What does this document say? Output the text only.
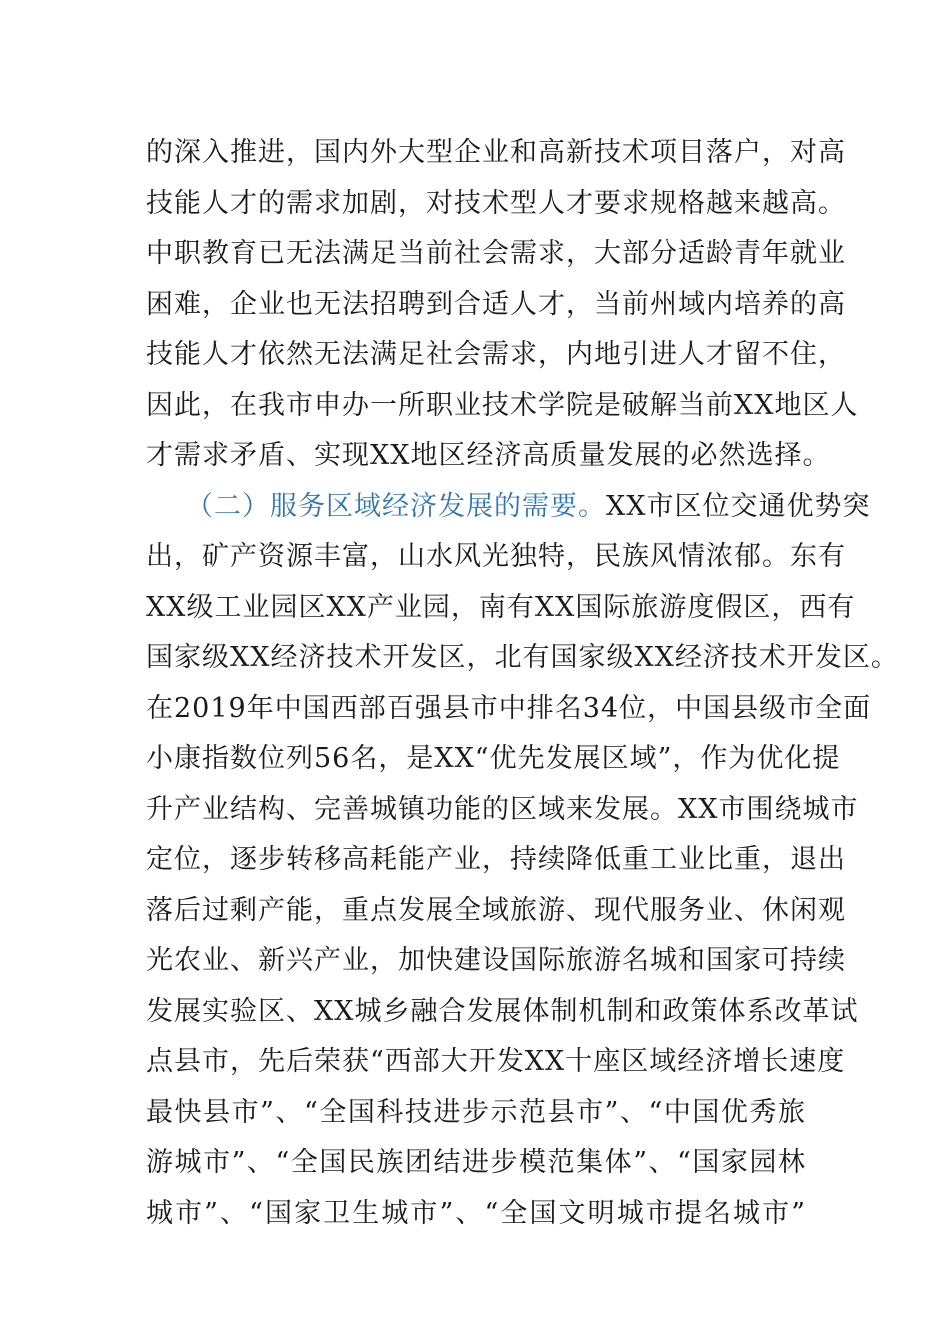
的深入推进，国内外大型企业和高新技术项目落户，对高
技能人才的需求加剧，对技术型人才要求规格越来越高。
中职教育已无法满足当前社会需求，大部分适龄青年就业
困难，企业也无法招聘到合适人才，当前州域内培养的高
技能人才依然无法满足社会需求，内地引进人才留不住，
因此，在我市申办一所职业技术学院是破解当前XX地区人
才需求矛盾、实现XX地区经济高质量发展的必然选择。
（二）服务区域经济发展的需要。XX市区位交通优势突
出，矿产资源丰富，山水风光独特，民族风情浓郁。东有
XX级工业园区XX产业园，南有XX国际旅游度假区，西有
国家级XX经济技术开发区，北有国家级XX经济技术开发区。
在2019年中国西部百强县市中排名34位，中国县级市全面
小康指数位列56名，是XX“优先发展区域”，作为优化提
升产业结构、完善城镇功能的区域来发展。XX市围绕城市
定位，逐步转移高耗能产业，持续降低重工业比重，退出
落后过剩产能，重点发展全域旅游、现代服务业、休闲观
光农业、新兴产业，加快建设国际旅游名城和国家可持续
发展实验区、XX城乡融合发展体制机制和政策体系改革试
点县市，先后荣获“西部大开发XX十座区域经济增长速度
最快县市”、“全国科技进步示范县市”、“中国优秀旅
游城市”、“全国民族团结进步模范集体”、“国家园林
城市”、“国家卫生城市”、“全国文明城市提名城市”
